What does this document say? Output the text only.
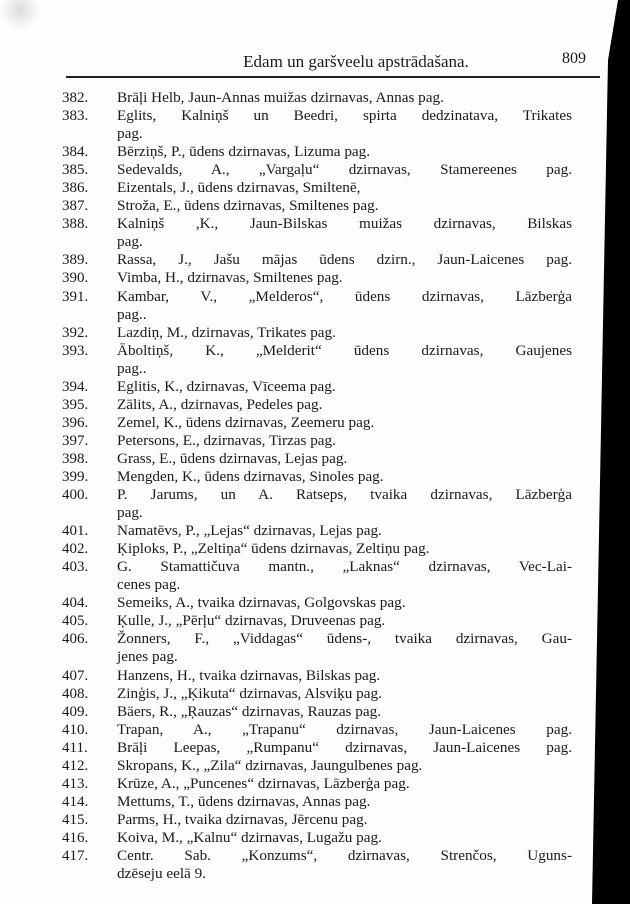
Edam un garšveelu apstrādašana.	809
382. Brāļi Helb, Jaun-Annas muižas dzirnavas, Annas pag.
383. Eglits, Kalniņš un Beedri, spirta dedzinatava, Trikates
pag.
384. Bērziņš, P., ūdens dzirnavas, Lizuma pag.
385. Sedevalds, A., „Vargaļu“ dzirnavas, Stamereenes pag.
386. Eizentals, J., ūdens dzirnavas, Smiltenē,
387. Stroža, E., ūdens dzirnavas, Smiltenes pag.
388. Kalniņš ,K., Jaun-Bilskas muižas dzirnavas, Bilskas
pag.
389. Rassa, J., Jašu mājas ūdens dzirn., Jaun-Laicenes pag.
390. Vimba, H., dzirnavas, Smiltenes pag.
391. Kambar, V., „Melderos“, ūdens dzirnavas, Lāzberģa
pag..
392. Lazdiņ, M., dzirnavas, Trikates pag.
393. Āboltiņš, K., „Melderit“ ūdens dzirnavas, Gaujenes
pag..
394. Eglitis, K., dzirnavas, Vīceema pag.
395. Zālits, A., dzirnavas, Pedeles pag.
396. Zemel, K., ūdens dzirnavas, Zeemeru pag.
397. Petersons, E., dzirnavas, Tirzas pag.
398. Grass, E., ūdens dzirnavas, Lejas pag.
399. Mengden, K., ūdens dzirnavas, Sinoles pag.
400. P. Jarums, un A. Ratseps, tvaika dzirnavas, Lāzberģa
pag.
401. Namatēvs, P., „Lejas“ dzirnavas, Lejas pag.
402. Ķiploks, P., „Zeltiņa“ ūdens dzirnavas, Zeltiņu pag.
403. G. Stamattičuva mantn., „Laknas“ dzirnavas, Vec-Lai-
cenes pag.
404. Semeiks, A., tvaika dzirnavas, Golgovskas pag.
405. Ķulle, J., „Pērļu“ dzirnavas, Druveenas pag.
406. Žonners, F., „Viddagas“ ūdens-, tvaika dzirnavas, Gau-
jenes pag.
407. Hanzens, H., tvaika dzirnavas, Bilskas pag.
408. Zinģis, J., „Ķikuta“ dzirnavas, Alsviķu pag.
409. Bäers, R., „Ŗauzas“ dzirnavas, Rauzas pag.
410. Trapan, A., „Trapanu“ dzirnavas, Jaun-Laicenes pag.
411. Brāļi Leepas, „Rumpanu“ dzirnavas, Jaun-Laicenes pag.
412. Skropans, K., „Zila“ dzirnavas, Jaungulbenes pag.
413. Krūze, A., „Puncenes“ dzirnavas, Lāzberģa pag.
414. Mettums, T., ūdens dzirnavas, Annas pag.
415. Parms, H., tvaika dzirnavas, Jērcenu pag.
416. Koiva, M., „Kalnu“ dzirnavas, Lugažu pag.
417. Centr. Sab. „Konzums“, dzirnavas, Strenčos, Uguns-
dzēseju eelā 9.
